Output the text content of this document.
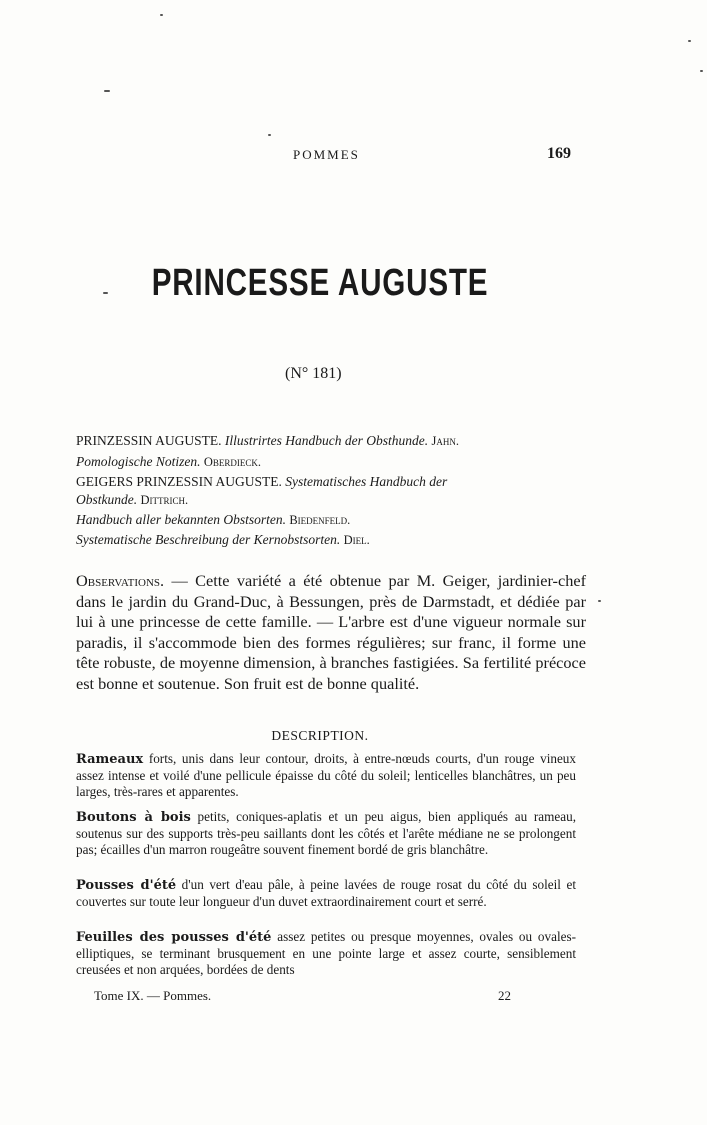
POMMES	169
PRINCESSE AUGUSTE
(N° 181)
PRINZESSIN AUGUSTE. Illustrirtes Handbuch der Obsthunde. Jahn.
Pomologische Notizen. Oberdieck.
GEIGERS PRINZESSIN AUGUSTE. Systematisches Handbuch der
Obstkunde. Dittrich.
Handbuch aller bekannten Obstsorten. Biedenfeld.
Systematische Beschreibung der Kernobstsorten. Diel.
Observations. — Cette variété a été obtenue par M. Geiger, jardinier-chef dans le jardin du Grand-Duc, à Bessungen, près de Darmstadt, et dédiée par lui à une princesse de cette famille. — L'arbre est d'une vigueur normale sur paradis, il s'accommode bien des formes régulières; sur franc, il forme une tête robuste, de moyenne dimension, à branches fastigiées. Sa fertilité précoce est bonne et soutenue. Son fruit est de bonne qualité.
DESCRIPTION.
Rameaux forts, unis dans leur contour, droits, à entre-nœuds courts, d'un rouge vineux assez intense et voilé d'une pellicule épaisse du côté du soleil; lenticelles blanchâtres, un peu larges, très-rares et apparentes.
Boutons à bois petits, coniques-aplatis et un peu aigus, bien appliqués au rameau, soutenus sur des supports très-peu saillants dont les côtés et l'arête médiane ne se prolongent pas; écailles d'un marron rougeâtre souvent finement bordé de gris blanchâtre.
Pousses d'été d'un vert d'eau pâle, à peine lavées de rouge rosat du côté du soleil et couvertes sur toute leur longueur d'un duvet extraordinairement court et serré.
Feuilles des pousses d'été assez petites ou presque moyennes, ovales ou ovales-elliptiques, se terminant brusquement en une pointe large et assez courte, sensiblement creusées et non arquées, bordées de dents
Tome IX. — Pommes.	22
